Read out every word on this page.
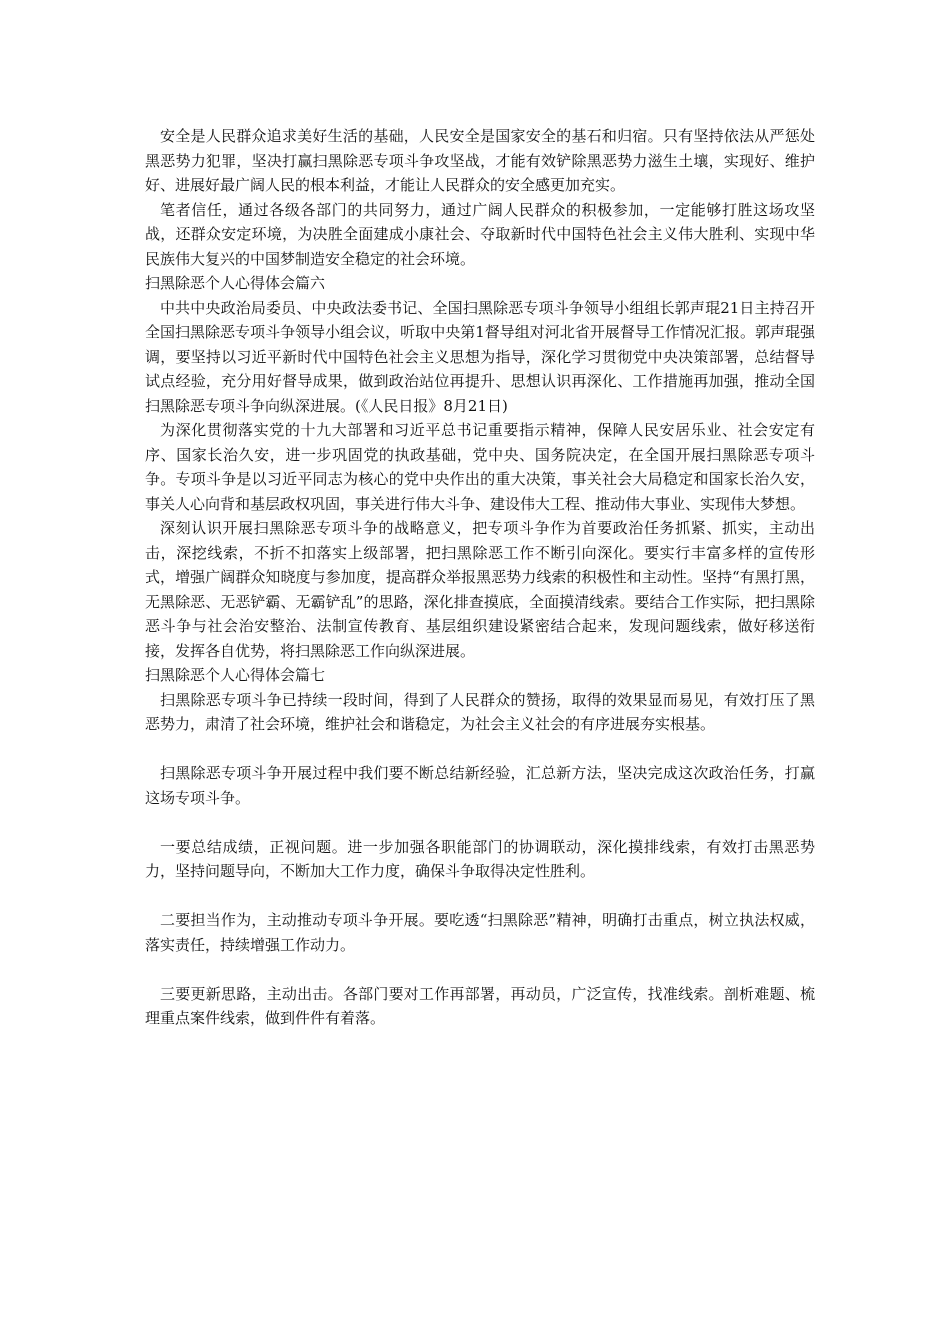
安全是人民群众追求美好生活的基础，人民安全是国家安全的基石和归宿。只有坚持依法从严惩处黑恶势力犯罪，坚决打赢扫黑除恶专项斗争攻坚战，才能有效铲除黑恶势力滋生土壤，实现好、维护好、进展好最广阔人民的根本利益，才能让人民群众的安全感更加充实。

笔者信任，通过各级各部门的共同努力，通过广阔人民群众的积极参加，一定能够打胜这场攻坚战，还群众安定环境，为决胜全面建成小康社会、夺取新时代中国特色社会主义伟大胜利、实现中华民族伟大复兴的中国梦制造安全稳定的社会环境。

扫黑除恶个人心得体会篇六

中共中央政治局委员、中央政法委书记、全国扫黑除恶专项斗争领导小组组长郭声琨21日主持召开全国扫黑除恶专项斗争领导小组会议，听取中央第1督导组对河北省开展督导工作情况汇报。郭声琨强调，要坚持以习近平新时代中国特色社会主义思想为指导，深化学习贯彻党中央决策部署，总结督导试点经验，充分用好督导成果，做到政治站位再提升、思想认识再深化、工作措施再加强，推动全国扫黑除恶专项斗争向纵深进展。(《人民日报》8月21日)

为深化贯彻落实党的十九大部署和习近平总书记重要指示精神，保障人民安居乐业、社会安定有序、国家长治久安，进一步巩固党的执政基础，党中央、国务院决定，在全国开展扫黑除恶专项斗争。专项斗争是以习近平同志为核心的党中央作出的重大决策，事关社会大局稳定和国家长治久安，事关人心向背和基层政权巩固，事关进行伟大斗争、建设伟大工程、推动伟大事业、实现伟大梦想。

深刻认识开展扫黑除恶专项斗争的战略意义，把专项斗争作为首要政治任务抓紧、抓实，主动出击，深挖线索，不折不扣落实上级部署，把扫黑除恶工作不断引向深化。要实行丰富多样的宣传形式，增强广阔群众知晓度与参加度，提高群众举报黑恶势力线索的积极性和主动性。坚持“有黑打黑，无黑除恶、无恶铲霸、无霸铲乱”的思路，深化排查摸底，全面摸清线索。要结合工作实际，把扫黑除恶斗争与社会治安整治、法制宣传教育、基层组织建设紧密结合起来，发现问题线索，做好移送衔接，发挥各自优势，将扫黑除恶工作向纵深进展。

扫黑除恶个人心得体会篇七

扫黑除恶专项斗争已持续一段时间，得到了人民群众的赞扬，取得的效果显而易见，有效打压了黑恶势力，肃清了社会环境，维护社会和谐稳定，为社会主义社会的有序进展夯实根基。

扫黑除恶专项斗争开展过程中我们要不断总结新经验，汇总新方法，坚决完成这次政治任务，打赢这场专项斗争。

一要总结成绩，正视问题。进一步加强各职能部门的协调联动，深化摸排线索，有效打击黑恶势力，坚持问题导向，不断加大工作力度，确保斗争取得决定性胜利。

二要担当作为，主动推动专项斗争开展。要吃透“扫黑除恶”精神，明确打击重点，树立执法权威，落实责任，持续增强工作动力。

三要更新思路，主动出击。各部门要对工作再部署，再动员，广泛宣传，找准线索。剖析难题、梳理重点案件线索，做到件件有着落。
